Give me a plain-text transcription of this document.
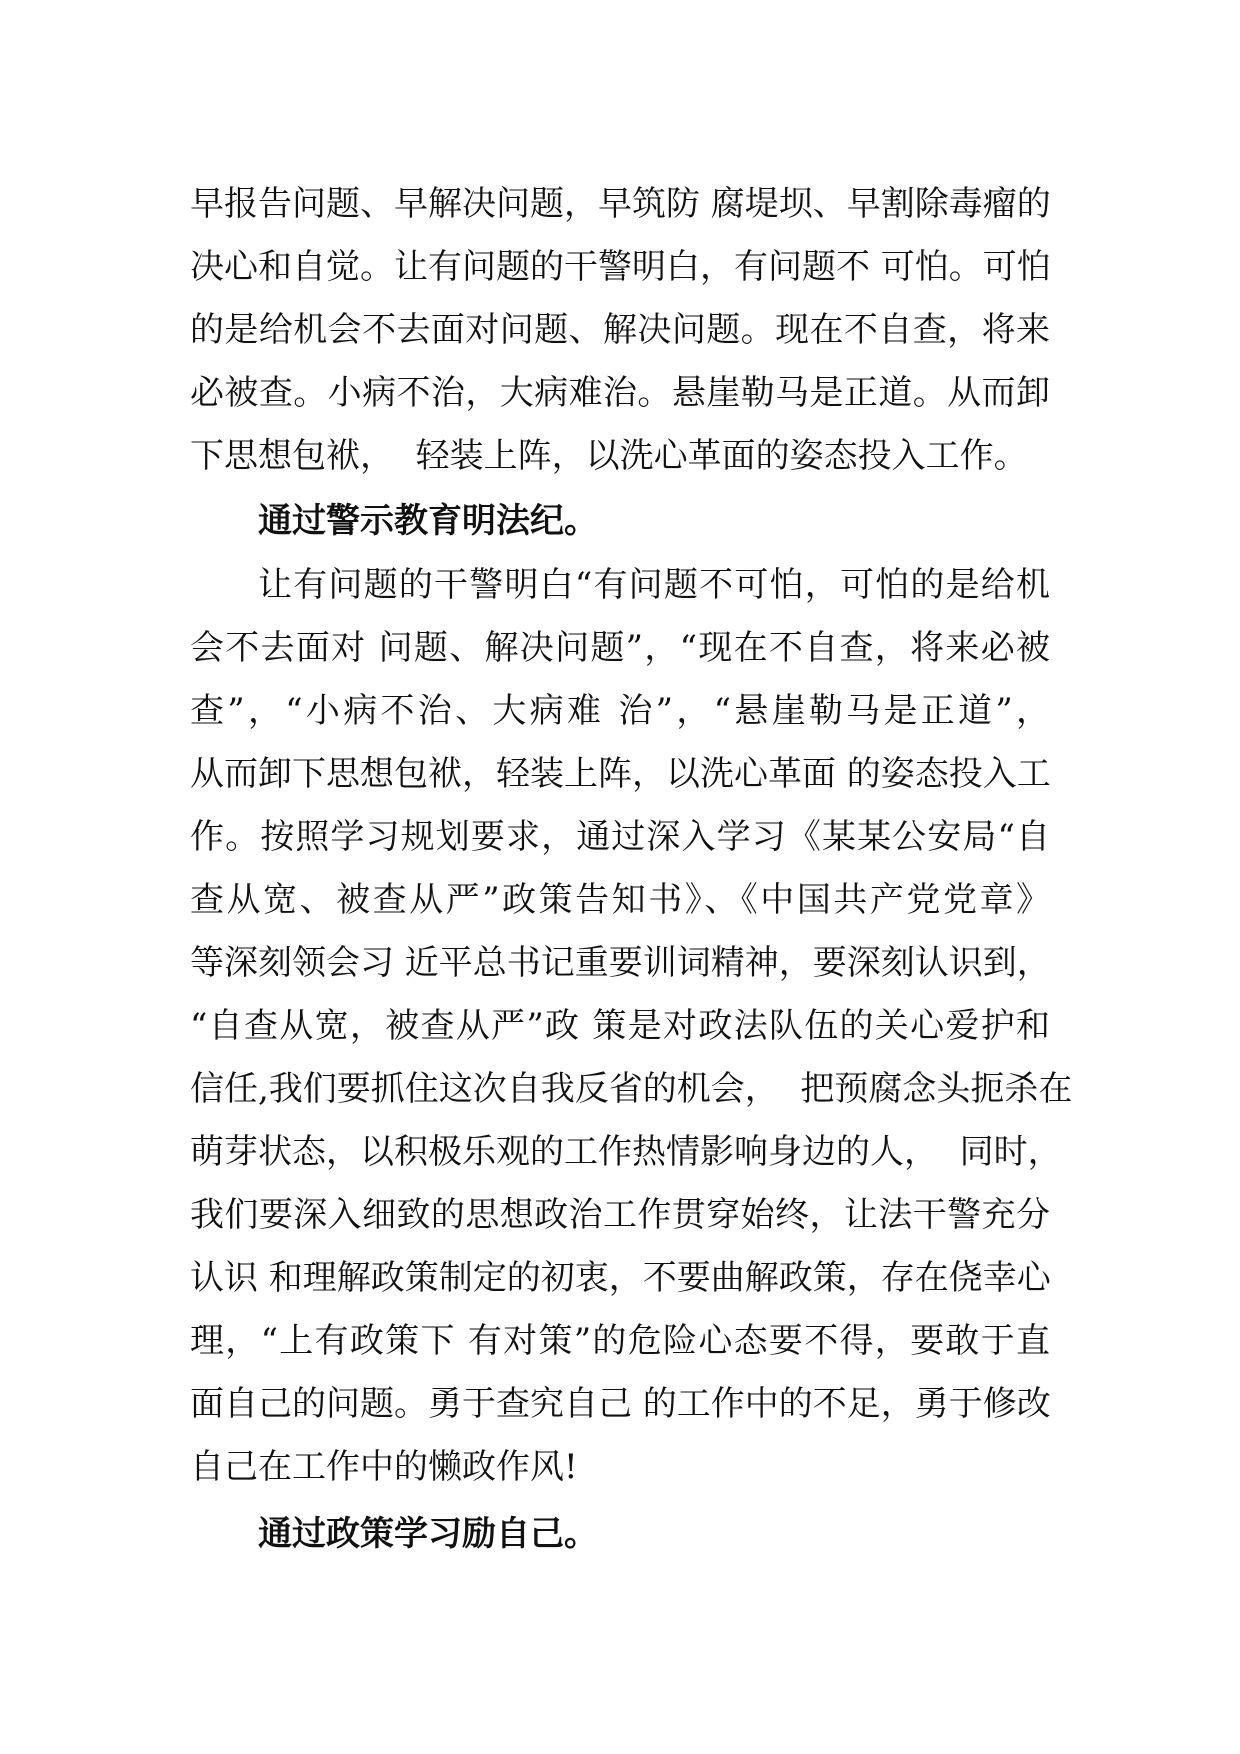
早报告问题、早解决问题，早筑防 腐堤坝、早割除毒瘤的
决心和自觉。让有问题的干警明白，有问题不 可怕。可怕
的是给机会不去面对问题、解决问题。现在不自查，将来
必被查。小病不治，大病难治。悬崖勒马是正道。从而卸
下思想包袱，  轻装上阵，以洗心革面的姿态投入工作。
通过警示教育明法纪。
让有问题的干警明白“有问题不可怕，可怕的是给机
会不去面对 问题、解决问题”，“现在不自查，将来必被
查”，“小病不治、大病难 治”，“悬崖勒马是正道”，
从而卸下思想包袱，轻装上阵，以洗心革面 的姿态投入工
作。按照学习规划要求，通过深入学习《某某公安局“自
查从宽、被查从严”政策告知书》、《中国共产党党章》
等深刻领会习 近平总书记重要训词精神，要深刻认识到，
“自查从宽，被查从严”政 策是对政法队伍的关心爱护和
信任,我们要抓住这次自我反省的机会，  把预腐念头扼杀在
萌芽状态，以积极乐观的工作热情影响身边的人，  同时，
我们要深入细致的思想政治工作贯穿始终，让法干警充分
认识 和理解政策制定的初衷，不要曲解政策，存在侥幸心
理，“上有政策下 有对策”的危险心态要不得，要敢于直
面自己的问题。勇于查究自己 的工作中的不足，勇于修改
自己在工作中的懒政作风!
通过政策学习励自己。
